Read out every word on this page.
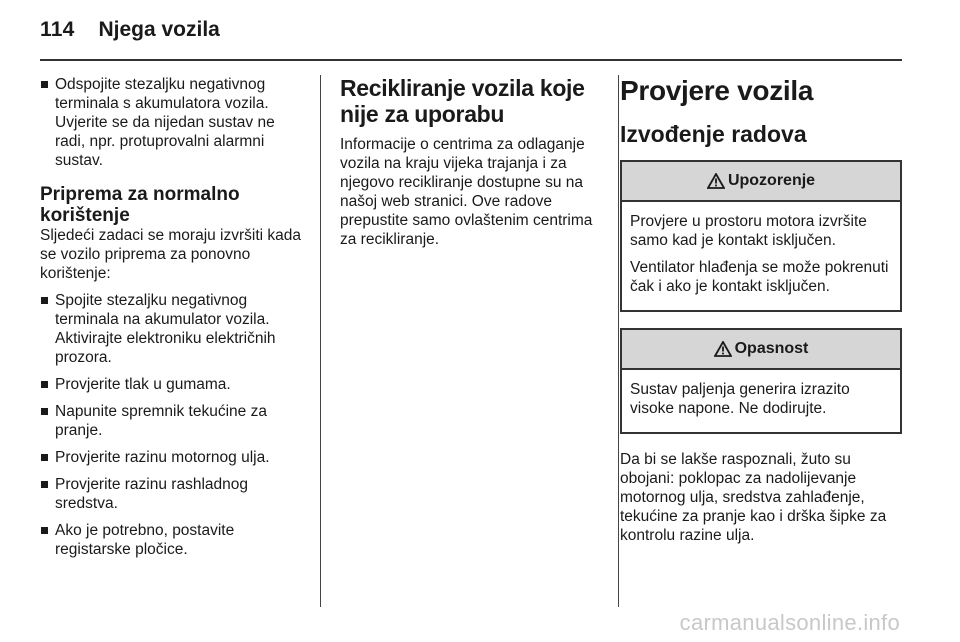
114 Njega vozila
Odspojite stezaljku negativnog terminala s akumulatora vozila. Uvjerite se da nijedan sustav ne radi, npr. protuprovalni alarmni sustav.
Priprema za normalno korištenje

Sljedeći zadaci se moraju izvršiti kada se vozilo priprema za ponovno korištenje:

Spojite stezaljku negativnog terminala na akumulator vozila. Aktivirajte elektroniku električnih prozora.
Provjerite tlak u gumama.
Napunite spremnik tekućine za pranje.
Provjerite razinu motornog ulja.
Provjerite razinu rashladnog sredstva.
Ako je potrebno, postavite registarske pločice.
Recikliranje vozila koje nije za uporabu

Informacije o centrima za odlaganje vozila na kraju vijeka trajanja i za njegovo recikliranje dostupne su na našoj web stranici. Ove radove prepustite samo ovlaštenim centrima za recikliranje.

Provjere vozila
Izvođenje radova
Upozorenje

Provjere u prostoru motora izvršite samo kad je kontakt isključen.

Ventilator hlađenja se može pokrenuti čak i ako je kontakt isključen.

Opasnost

Sustav paljenja generira izrazito visoke napone. Ne dodirujte.

Da bi se lakše raspoznali, žuto su obojani: poklopac za nadolijevanje motornog ulja, sredstva zahlađenje, tekućine za pranje kao i drška šipke za kontrolu razine ulja.

carmanualsonline.info
